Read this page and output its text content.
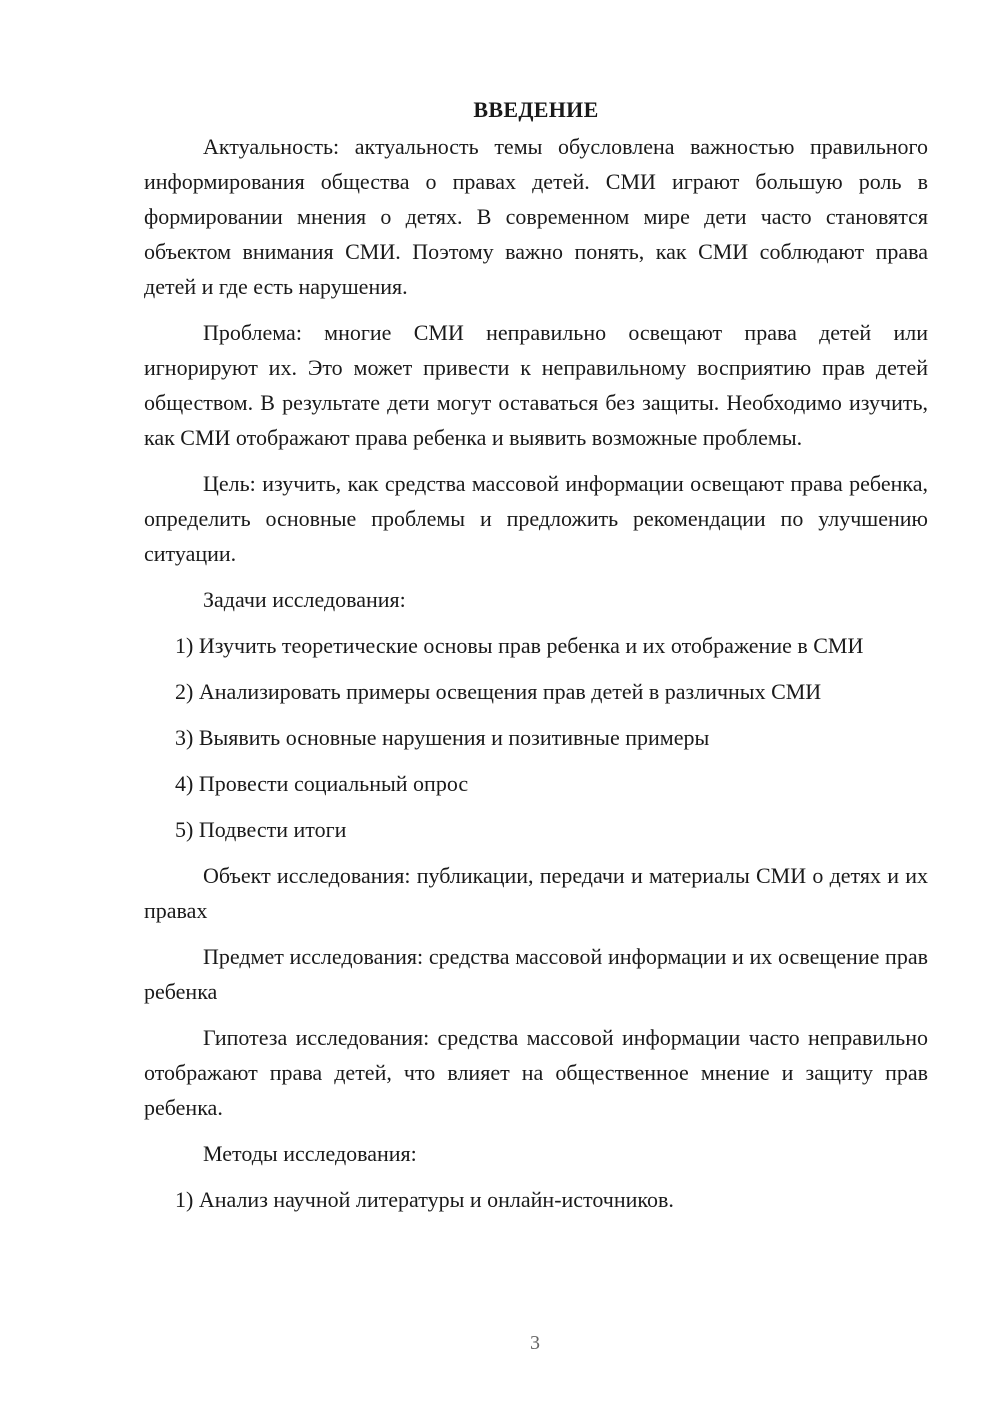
ВВЕДЕНИЕ

Актуальность: актуальность темы обусловлена важностью правильного информирования общества о правах детей. СМИ играют большую роль в формировании мнения о детях. В современном мире дети часто становятся объектом внимания СМИ. Поэтому важно понять, как СМИ соблюдают права детей и где есть нарушения.

Проблема: многие СМИ неправильно освещают права детей или игнорируют их. Это может привести к неправильному восприятию прав детей обществом. В результате дети могут оставаться без защиты. Необходимо изучить, как СМИ отображают права ребенка и выявить возможные проблемы.

Цель: изучить, как средства массовой информации освещают права ребенка, определить основные проблемы и предложить рекомендации по улучшению ситуации.

Задачи исследования:

1) Изучить теоретические основы прав ребенка и их отображение в СМИ

2) Анализировать примеры освещения прав детей в различных СМИ

3) Выявить основные нарушения и позитивные примеры

4) Провести социальный опрос

5) Подвести итоги

Объект исследования: публикации, передачи и материалы СМИ о детях и их правах

Предмет исследования: средства массовой информации и их освещение прав ребенка

Гипотеза исследования: средства массовой информации часто неправильно отображают права детей, что влияет на общественное мнение и защиту прав ребенка.

Методы исследования:

1) Анализ научной литературы и онлайн-источников.

3
